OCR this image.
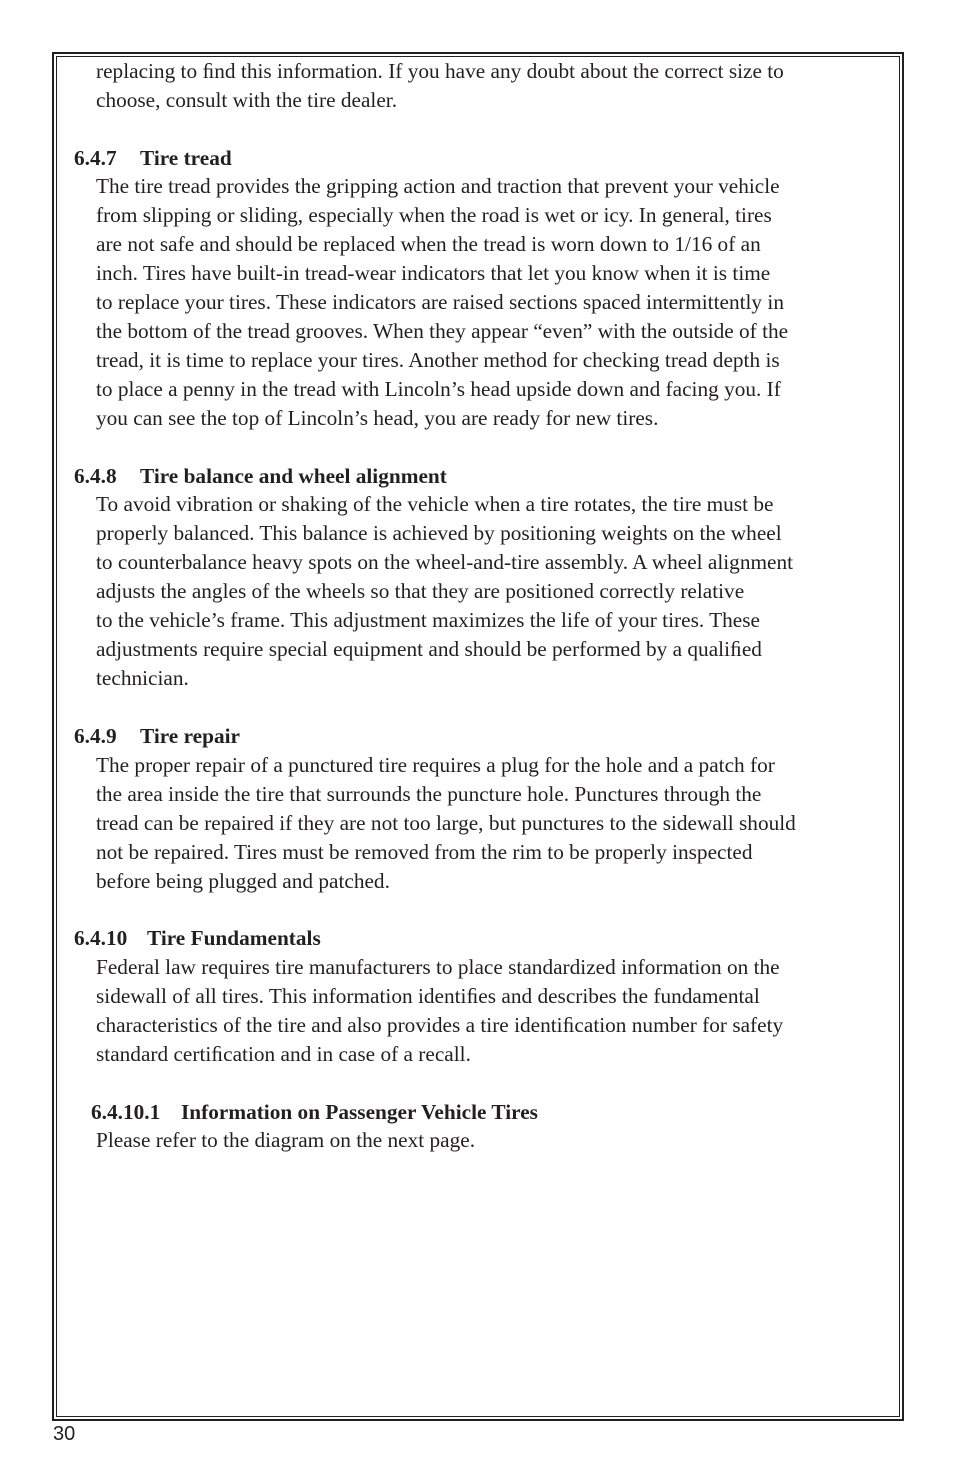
replacing to ﬁnd this information. If you have any doubt about the correct size to
choose, consult with the tire dealer.

6.4.7 Tire tread

The tire tread provides the gripping action and traction that prevent your vehicle
from slipping or sliding, especially when the road is wet or icy. In general, tires
are not safe and should be replaced when the tread is worn down to 1/16 of an
inch. Tires have built-in tread-wear indicators that let you know when it is time
to replace your tires. These indicators are raised sections spaced intermittently in
the bottom of the tread grooves. When they appear “even” with the outside of the
tread, it is time to replace your tires. Another method for checking tread depth is
to place a penny in the tread with Lincoln’s head upside down and facing you. If
you can see the top of Lincoln’s head, you are ready for new tires.

6.4.8 Tire balance and wheel alignment

To avoid vibration or shaking of the vehicle when a tire rotates, the tire must be
properly balanced. This balance is achieved by positioning weights on the wheel
to counterbalance heavy spots on the wheel-and-tire assembly. A wheel alignment
adjusts the angles of the wheels so that they are positioned correctly relative
to the vehicle’s frame. This adjustment maximizes the life of your tires. These
adjustments require special equipment and should be performed by a qualiﬁed
technician.

6.4.9 Tire repair

The proper repair of a punctured tire requires a plug for the hole and a patch for
the area inside the tire that surrounds the puncture hole. Punctures through the
tread can be repaired if they are not too large, but punctures to the sidewall should
not be repaired. Tires must be removed from the rim to be properly inspected
before being plugged and patched.

6.4.10 Tire Fundamentals

Federal law requires tire manufacturers to place standardized information on the
sidewall of all tires. This information identiﬁes and describes the fundamental
characteristics of the tire and also provides a tire identiﬁcation number for safety
standard certiﬁcation and in case of a recall.

6.4.10.1 Information on Passenger Vehicle Tires

Please refer to the diagram on the next page.

30
